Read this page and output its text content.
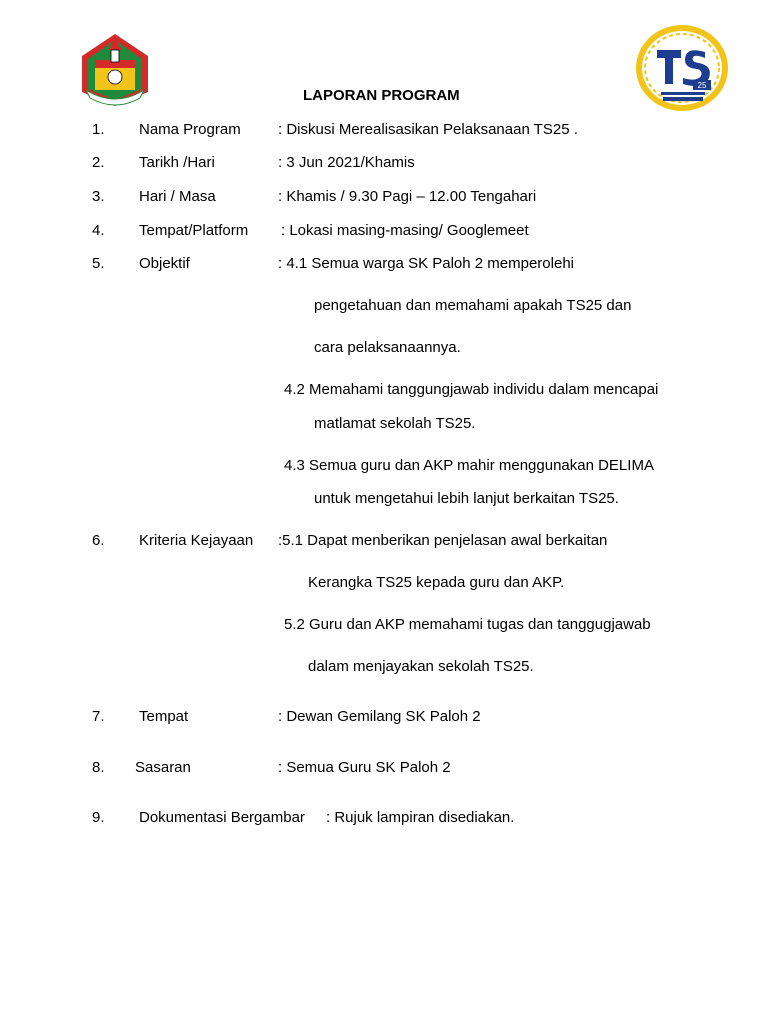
25
LAPORAN PROGRAM
1. Nama Program : Diskusi Merealisasikan Pelaksanaan TS25 .
2. Tarikh /Hari	: 3 Jun 2021/Khamis
3. Hari / Masa	: Khamis / 9.30 Pagi – 12.00 Tengahari
4. Tempat/Platform : Lokasi masing-masing/ Googlemeet
5. Objektif	: 4.1 Semua warga SK Paloh 2 memperolehi
pengetahuan dan memahami apakah TS25 dan
cara pelaksanaannya.
4.2 Memahami tanggungjawab individu dalam mencapai
matlamat sekolah TS25.
4.3 Semua guru dan AKP mahir menggunakan DELIMA
untuk mengetahui lebih lanjut berkaitan TS25.
6. Kriteria Kejayaan :5.1 Dapat menberikan penjelasan awal berkaitan
Kerangka TS25 kepada guru dan AKP.
5.2 Guru dan AKP memahami tugas dan tanggugjawab
dalam menjayakan sekolah TS25.
7. Tempat	: Dewan Gemilang SK Paloh 2
8. Sasaran	: Semua Guru SK Paloh 2
9. Dokumentasi Bergambar : Rujuk lampiran disediakan.
